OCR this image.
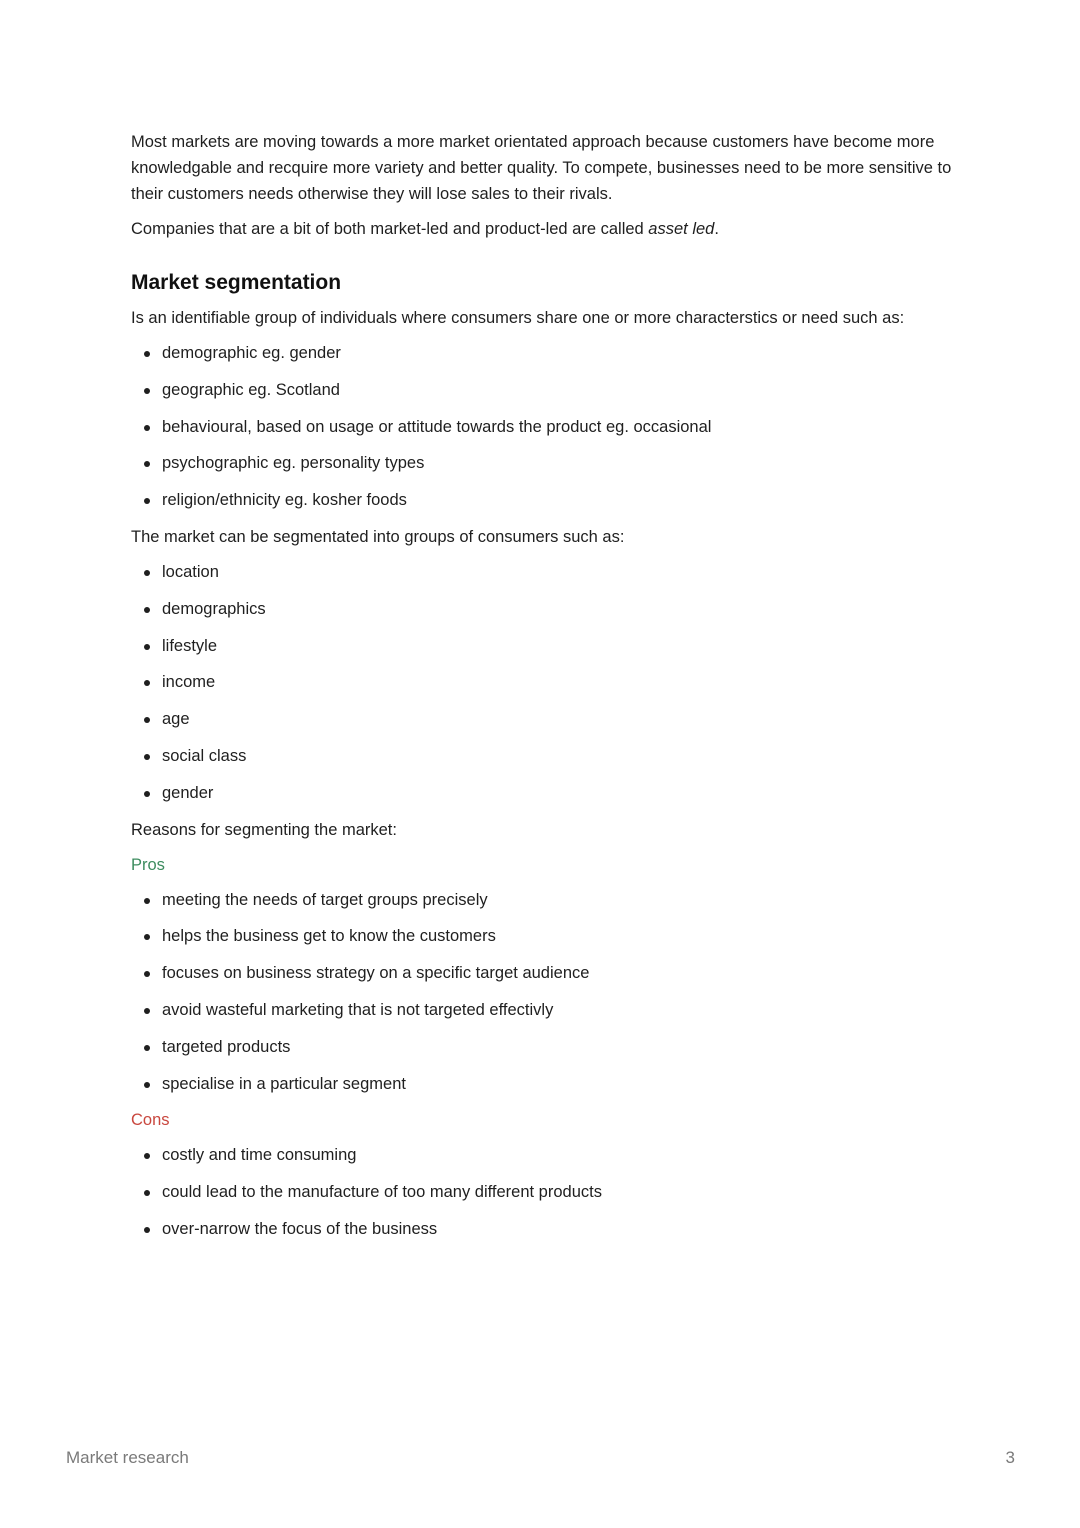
Most markets are moving towards a more market orientated approach because customers have become more knowledgable and recquire more variety and better quality. To compete, businesses need to be more sensitive to their customers needs otherwise they will lose sales to their rivals.

Companies that are a bit of both market-led and product-led are called asset led.

Market segmentation

Is an identifiable group of individuals where consumers share one or more characterstics or need such as:

demographic eg. gender
geographic eg. Scotland
behavioural, based on usage or attitude towards the product eg. occasional
psychographic eg. personality types
religion/ethnicity eg. kosher foods

The market can be segmentated into groups of consumers such as:

location
demographics
lifestyle
income
age
social class
gender

Reasons for segmenting the market:

Pros

meeting the needs of target groups precisely
helps the business get to know the customers
focuses on business strategy on a specific target audience
avoid wasteful marketing that is not targeted effectivly
targeted products
specialise in a particular segment

Cons

costly and time consuming
could lead to the manufacture of too many different products
over-narrow the focus of the business
Market research	3
